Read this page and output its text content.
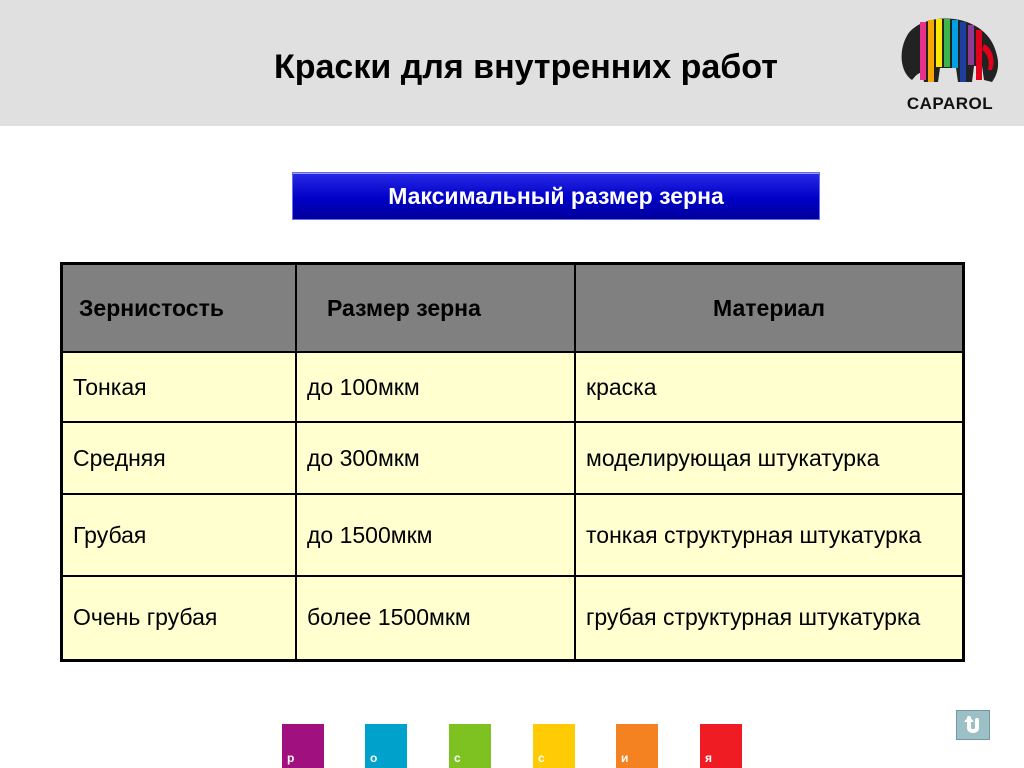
Краски для внутренних работ
CAPAROL
Максимальный размер зерна
Зернистость	Размер зерна	Материал
Тонкая	до 100мкм	краска
Средняя	до 300мкм	моделирующая штукатурка
Грубая	до 1500мкм	тонкая структурная штукатурка
Очень грубая	более 1500мкм	грубая структурная штукатурка
р	о	с	с	и	я
